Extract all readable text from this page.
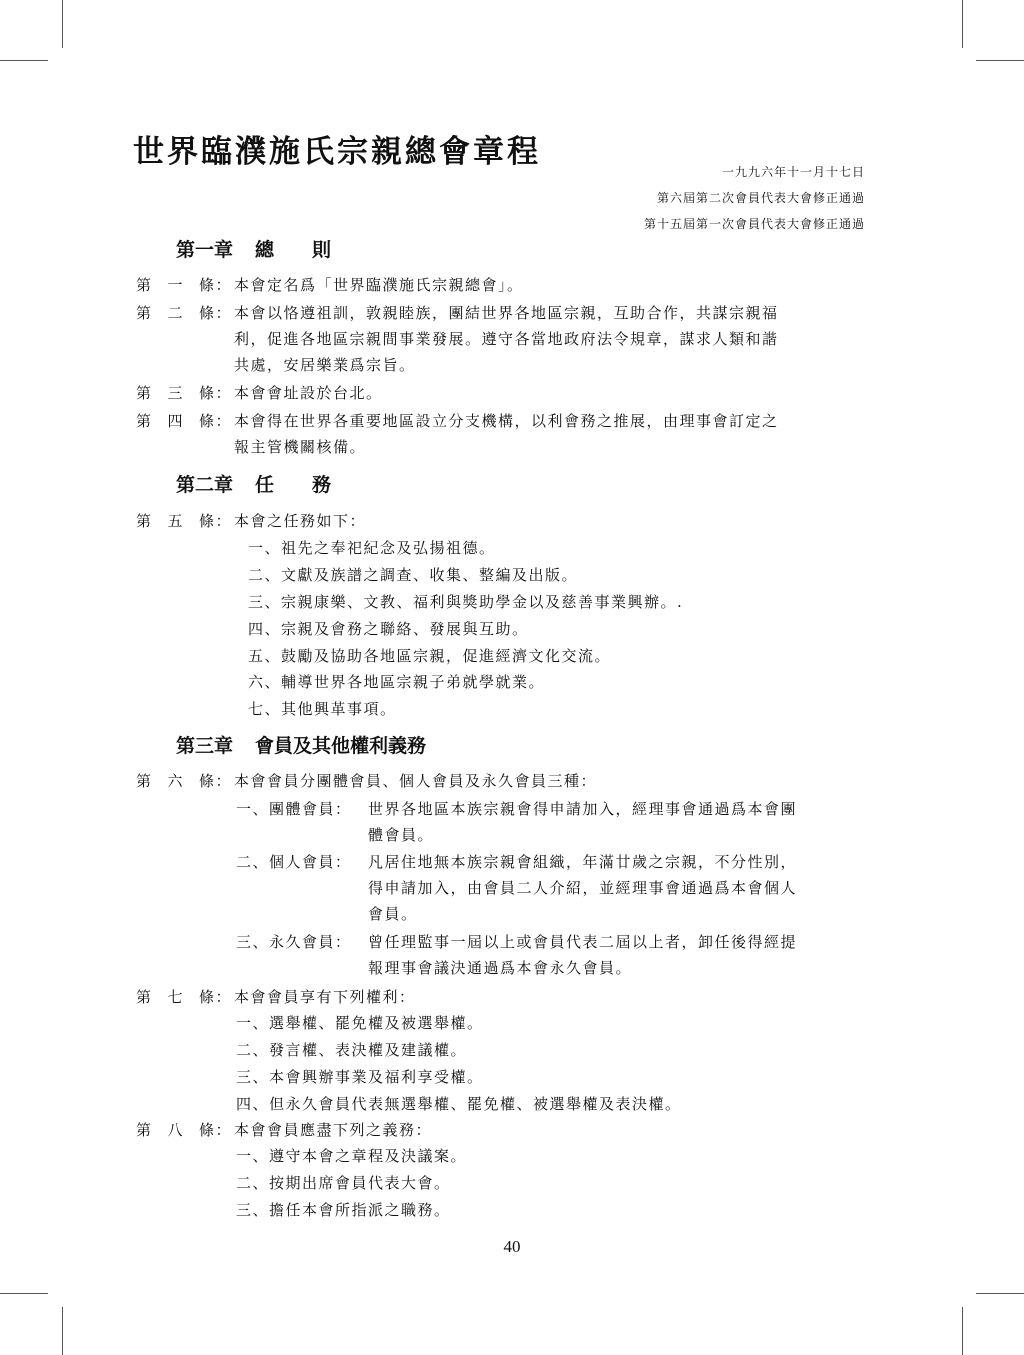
世界臨濮施氏宗親總會章程
一九九六年十一月十七日
第六屆第二次會員代表大會修正通過
第十五屆第一次會員代表大會修正通過
第一章 總　　則
第 一 條： 本會定名爲「世界臨濮施氏宗親總會」。
第 二 條： 本會以恪遵祖訓，敦親睦族，團結世界各地區宗親，互助合作，共謀宗親福
利，促進各地區宗親間事業發展。遵守各當地政府法令規章，謀求人類和諧
共處，安居樂業爲宗旨。
第 三 條： 本會會址設於台北。
第 四 條： 本會得在世界各重要地區設立分支機構，以利會務之推展，由理事會訂定之
報主管機關核備。
第二章 任　　務
第 五 條： 本會之任務如下：
一、祖先之奉祀紀念及弘揚祖德。
二、文獻及族譜之調查、收集、整編及出版。
三、宗親康樂、文教、福利與獎助學金以及慈善事業興辦。.
四、宗親及會務之聯絡、發展與互助。
五、鼓勵及協助各地區宗親，促進經濟文化交流。
六、輔導世界各地區宗親子弟就學就業。
七、其他興革事項。
第三章 會員及其他權利義務
第 六 條： 本會會員分團體會員、個人會員及永久會員三種：
一、團體會員： 世界各地區本族宗親會得申請加入，經理事會通過爲本會團
體會員。
二、個人會員： 凡居住地無本族宗親會組織，年滿廿歲之宗親，不分性別，
得申請加入，由會員二人介紹，並經理事會通過爲本會個人
會員。
三、永久會員： 曾任理監事一屆以上或會員代表二屆以上者，卸任後得經提
報理事會議決通過爲本會永久會員。
第 七 條： 本會會員享有下列權利：
一、選舉權、罷免權及被選舉權。
二、發言權、表決權及建議權。
三、本會興辦事業及福利享受權。
四、但永久會員代表無選舉權、罷免權、被選舉權及表決權。
第 八 條： 本會會員應盡下列之義務：
一、遵守本會之章程及決議案。
二、按期出席會員代表大會。
三、擔任本會所指派之職務。
40
